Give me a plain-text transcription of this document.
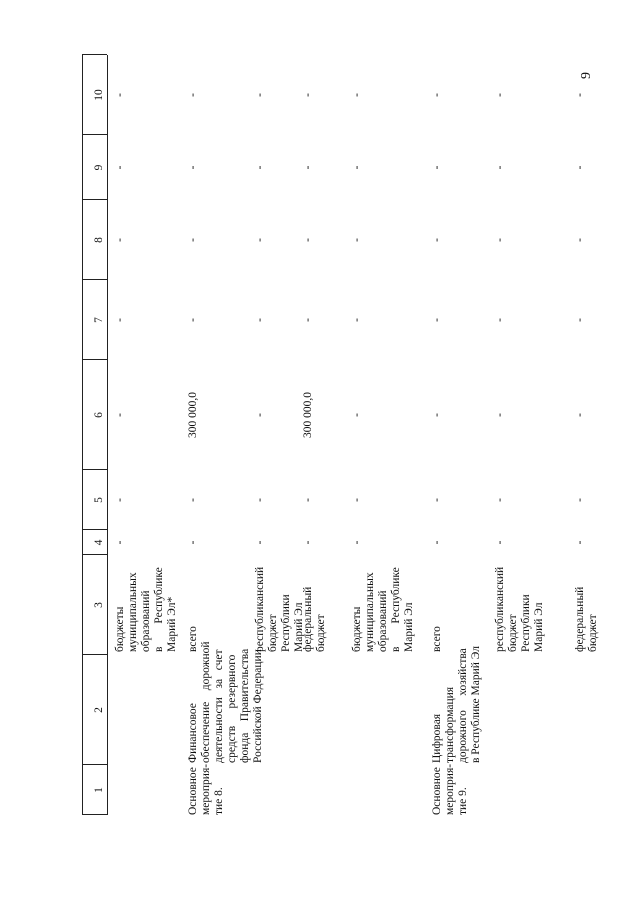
9
1
2
3
4
5
6
7
8
9
10
бюджеты муниципальных образований в        Республике Марий Эл*
-
-
-
-
-
-
-
Основное мероприя- тие 8.
Финансовое обеспечение    дорожной деятельности   за   счет средств      резервного фонда    Правительства Российской Федерации
всего
-
-
300 000,0
-
-
-
-
республиканский бюджет Республики Марий Эл
-
-
-
-
-
-
-
федеральный бюджет
-
-
300 000,0
-
-
-
-
бюджеты муниципальных образований в        Республике Марий Эл
-
-
-
-
-
-
-
Основное мероприя- тие 9.
Цифровая трансформация дорожного     хозяйства в Республике Марий Эл
всего
-
-
-
-
-
-
-
республиканский бюджет Республики Марий Эл
-
-
-
-
-
-
-
федеральный бюджет
-
-
-
-
-
-
-
